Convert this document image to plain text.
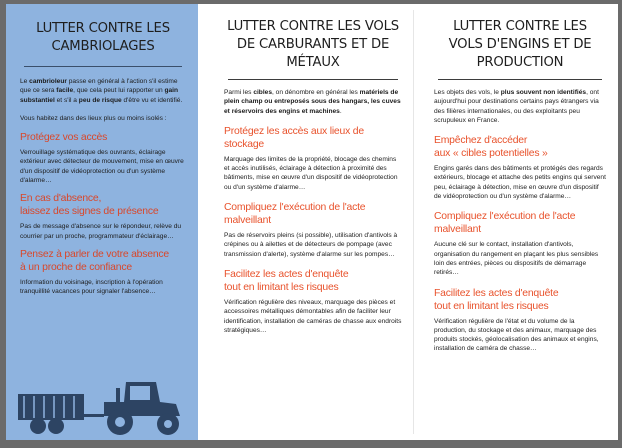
LUTTER CONTRE LES
CAMBRIOLAGES

Le cambrioleur passe en général à l'action s'il estime que ce sera facile, que cela peut lui rapporter un gain substantiel et s'il a peu de risque d'être vu et identifié.

Vous habitez dans des lieux plus ou moins isolés :

Protégez vos accès

Verrouillage systématique des ouvrants, éclairage extérieur avec détecteur de mouvement, mise en œuvre d'un dispositif de vidéoprotection ou d'un système d'alarme…

En cas d'absence,
laissez des signes de présence

Pas de message d'absence sur le répondeur, relève du courrier par un proche, programmateur d'éclairage…

Pensez à parler de votre absence
à un proche de confiance

Information du voisinage, inscription à l'opération tranquillité vacances pour signaler l'absence…

LUTTER CONTRE LES VOLS
DE CARBURANTS ET DE
MÉTAUX

Parmi les cibles, on dénombre en général les matériels de plein champ ou entreposés sous des hangars, les cuves et réservoirs des engins et machines.

Protégez les accès aux lieux de
stockage

Marquage des limites de la propriété, blocage des chemins et accès inutilisés, éclairage à détection à proximité des bâtiments, mise en œuvre d'un dispositif de vidéoprotection ou d'un système d'alarme…

Compliquez l'exécution de l'acte
malveillant

Pas de réservoirs pleins (si possible), utilisation d'antivols à crépines ou à ailettes et de détecteurs de pompage (avec transmission d'alerte), système d'alarme sur les pompes…

Facilitez les actes d'enquête
tout en limitant les risques

Vérification régulière des niveaux, marquage des pièces et accessoires métalliques démontables afin de faciliter leur identification, installation de caméras de chasse aux endroits stratégiques…

LUTTER CONTRE LES
VOLS D'ENGINS ET DE
PRODUCTION

Les objets des vols, le plus souvent non identifiés, ont aujourd'hui pour destinations certains pays étrangers via des filières internationales, ou des exploitants peu scrupuleux en France.

Empêchez d'accéder
aux « cibles potentielles »

Engins garés dans des bâtiments et protégés des regards extérieurs, blocage et attache des petits engins qui servent peu, éclairage à détection, mise en œuvre d'un dispositif de vidéoprotection ou d'un système d'alarme…

Compliquez l'exécution de l'acte
malveillant

Aucune clé sur le contact, installation d'antivols, organisation du rangement en plaçant les plus sensibles loin des entrées, pièces ou dispositifs de démarrage retirés…

Facilitez les actes d'enquête
tout en limitant les risques

Vérification régulière de l'état et du volume de la production, du stockage et des animaux, marquage des produits stockés, géolocalisation des animaux et engins, installation de caméra de chasse…
